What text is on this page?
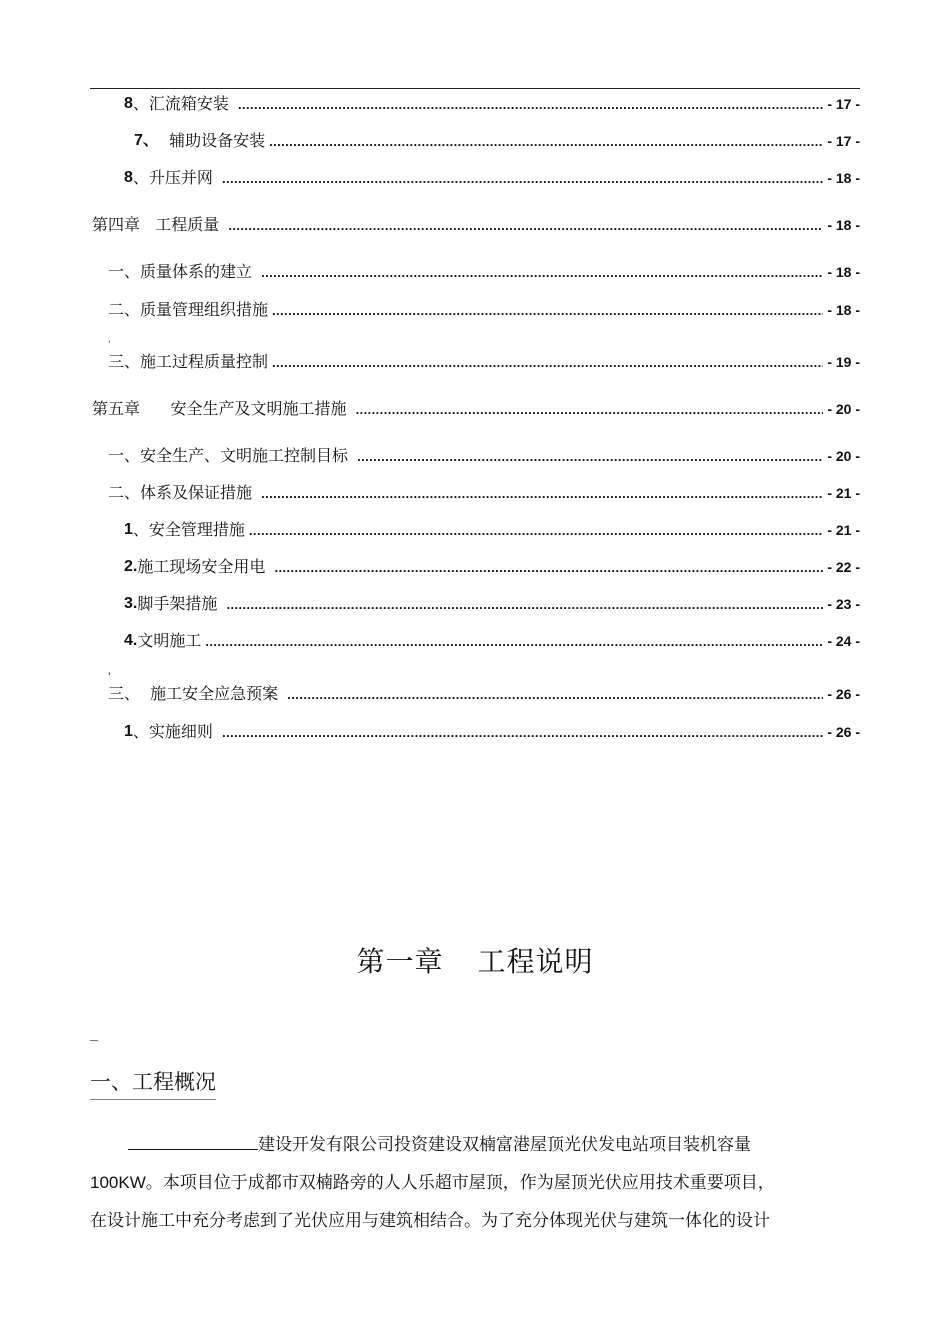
8 、汇流箱安装 .....	- 17 -
7、 辅助设备安装 .....	- 17 -
8 、升压并网 .....	- 18 -
第四章   工程质量 .....	- 18 -
一、质量体系的建立 .....	- 18 -
二、质量管理组织措施 .....	- 18 -
三、施工过程质量控制 .....	- 19 -
第五章      安全生产及文明施工措施 .....	- 20 -
一、安全生产、文明施工控制目标 .....	- 20 -
二、体系及保证措施 .....	- 21 -
1 、安全管理措施 .....	- 21 -
2. 施工现场安全用电 .....	- 22 -
3. 脚手架措施 .....	- 23 -
4. 文明施工 .....	- 24 -
三、  施工安全应急预案 .....	- 26 -
1 、实施细则 .....	- 26 -
'
'
第一章 工程说明
一、工程概况
建设开发有限公司投资建设双楠富港屋顶光伏发电站项目装机容量
100KW。本项目位于成都市双楠路旁的人人乐超市屋顶，作为屋顶光伏应用技术重要项目，
在设计施工中充分考虑到了光伏应用与建筑相结合。为了充分体现光伏与建筑一体化的设计
